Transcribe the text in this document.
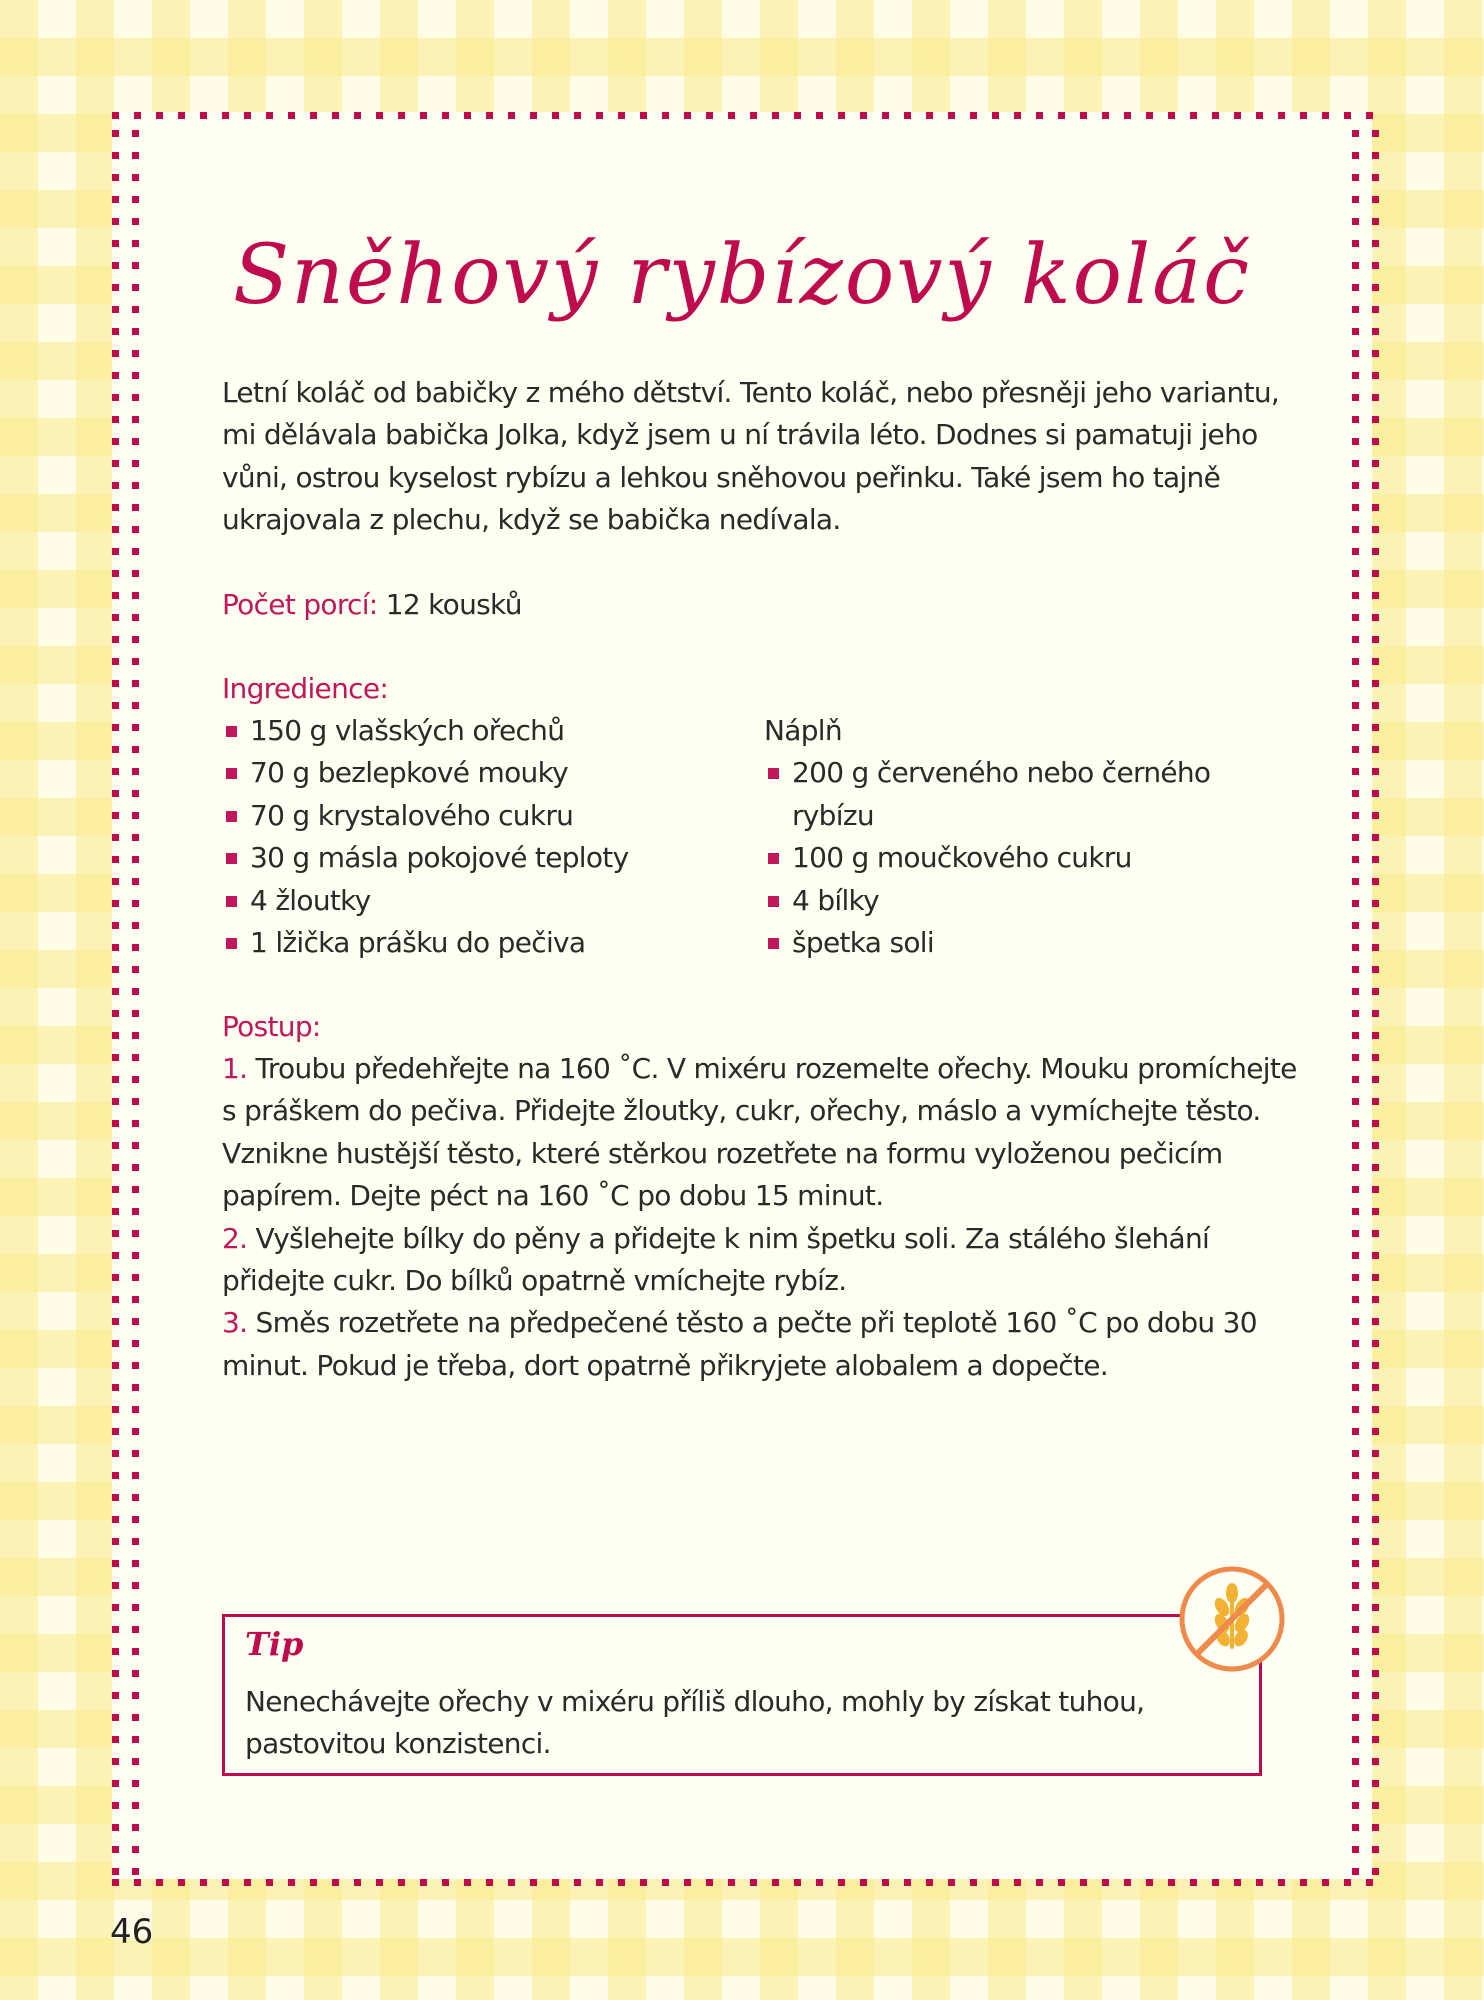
Sněhový rybízový koláč
Letní koláč od babičky z mého dětství. Tento koláč, nebo přesněji jeho variantu, mi dělávala babička Jolka, když jsem u ní trávila léto. Dodnes si pamatuji jeho vůni, ostrou kyselost rybízu a lehkou sněhovou peřinku. Také jsem ho tajně ukrajovala z plechu, když se babička nedívala.
Počet porcí: 12 kousků
Ingredience:
150 g vlašských ořechů
70 g bezlepkové mouky
70 g krystalového cukru
30 g másla pokojové teploty
4 žloutky
1 lžička prášku do pečiva
Náplň
200 g červeného nebo černého rybízu
100 g moučkového cukru
4 bílky
špetka soli
Postup:
1. Troubu předehřejte na 160 ˚C. V mixéru rozemelte ořechy. Mouku promíchejte s práškem do pečiva. Přidejte žloutky, cukr, ořechy, máslo a vymíchejte těsto. Vznikne hustější těsto, které stěrkou rozetřete na formu vyloženou pečicím papírem. Dejte péct na 160 ˚C po dobu 15 minut.
2. Vyšlehejte bílky do pěny a přidejte k nim špetku soli. Za stálého šlehání přidejte cukr. Do bílků opatrně vmíchejte rybíz.
3. Směs rozetřete na předpečené těsto a pečte při teplotě 160 ˚C po dobu 30 minut. Pokud je třeba, dort opatrně přikryjete alobalem a dopečte.
Tip
Nenechávejte ořechy v mixéru příliš dlouho, mohly by získat tuhou, pastovitou konzistenci.
46
